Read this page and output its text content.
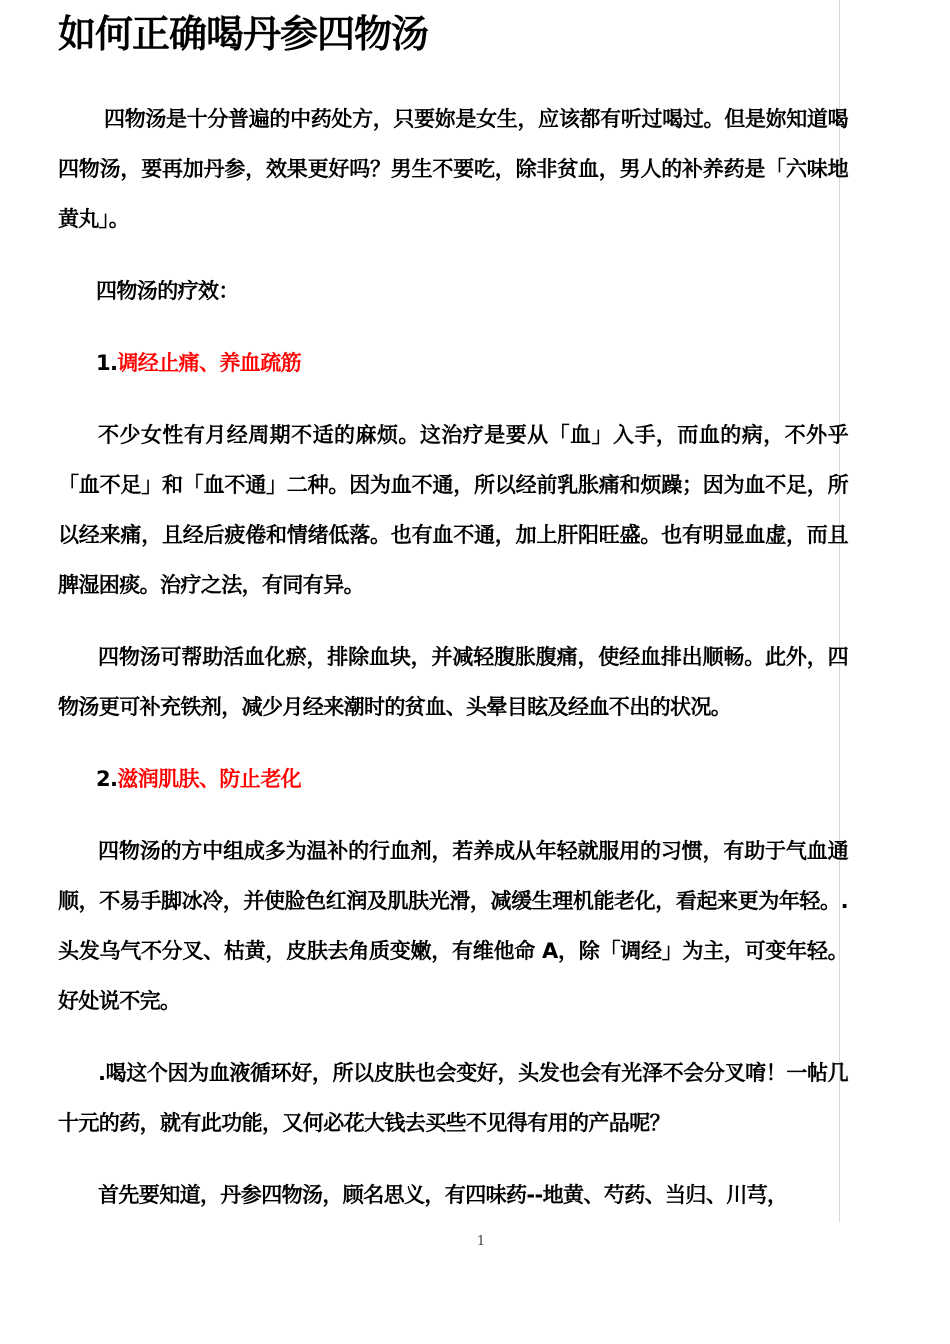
如何正确喝丹参四物汤

四物汤是十分普遍的中药处方，只要妳是女生，应该都有听过喝过。但是妳知道喝四物汤，要再加丹参，效果更好吗？男生不要吃，除非贫血，男人的补养药是「六味地黄丸」。

四物汤的疗效：

1.调经止痛、养血疏筋

不少女性有月经周期不适的麻烦。这治疗是要从「血」入手，而血的病，不外乎「血不足」和「血不通」二种。因为血不通，所以经前乳胀痛和烦躁；因为血不足，所以经来痛，且经后疲倦和情绪低落。也有血不通，加上肝阳旺盛。也有明显血虚，而且脾湿困痰。治疗之法，有同有异。

四物汤可帮助活血化瘀，排除血块，并减轻腹胀腹痛，使经血排出顺畅。此外，四物汤更可补充铁剂，减少月经来潮时的贫血、头晕目眩及经血不出的状况。

2.滋润肌肤、防止老化

四物汤的方中组成多为温补的行血剂，若养成从年轻就服用的习惯，有助于气血通顺，不易手脚冰冷，并使脸色红润及肌肤光滑，减缓生理机能老化，看起来更为年轻。.头发乌气不分叉、枯黄，皮肤去角质变嫩，有维他命 A，除「调经」为主，可变年轻。好处说不完。

.喝这个因为血液循环好，所以皮肤也会变好，头发也会有光泽不会分叉唷！一帖几十元的药，就有此功能，又何必花大钱去买些不见得有用的产品呢？

首先要知道，丹参四物汤，顾名思义，有四味药--地黄、芍药、当归、川芎，

1
